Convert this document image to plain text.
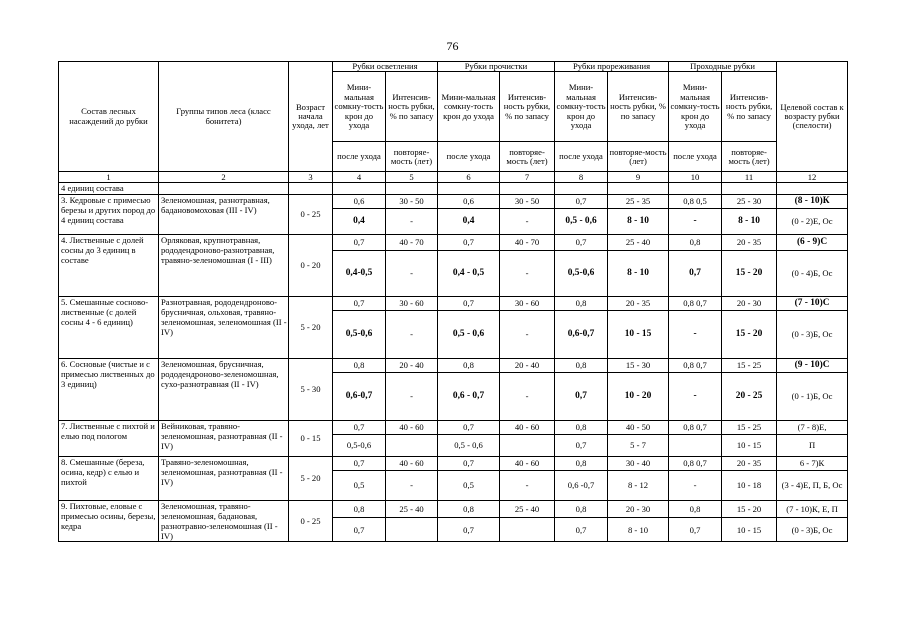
76
Состав лесных насаждений до рубки	Группы типов леса (класс бонитета)	Возраст начала ухода, лет	Рубки осветления		Рубки прочистки		Рубки прореживания		Проходные рубки		Целевой состав к возрасту рубки (спелости)
			Мини-мальная сомкну-тость крон до ухода	Интенсив-ность рубки, % по запасу	Мини-мальная сомкну-тость крон до ухода	Интенсив-ность рубки, % по запасу	Мини-мальная сомкну-тость крон до ухода	Интенсив-ность рубки, % по запасу	Мини-мальная сомкну-тость крон до ухода	Интенсив-ность рубки, % по запасу	
			после ухода	повторяе-мость (лет)	после ухода	повторяе-мость (лет)	после ухода	повторяе-мость (лет)	после ухода	повторяе-мость (лет)	
1	2	3	4	5	6	7	8	9	10	11	12
4 единиц состава											
3. Кедровые с примесью березы и других пород до 4 единиц состава	Зеленомошная, разнотравная, бадановомоховая (III - IV)	0 - 25	0,6	30 - 50	0,6	30 - 50	0,7	25 - 35	0,8 0,5	25 - 30	(8 - 10)К
			0,4	-	0,4	-	0,5 - 0,6	8 - 10	-	8 - 10	(0 - 2)Е, Ос
4. Лиственные с долей сосны до 3 единиц в составе	Орляковая, крупнотравная, рододендроново-разнотравная, травяно-зеленомошная (I - III)	0 - 20	0,7	40 - 70	0,7	40 - 70	0,7	25 - 40	0,8	20 - 35	(6 - 9)С
			0,4-0,5	-	0,4 - 0,5	-	0,5-0,6	8 - 10	0,7	15 - 20	(0 - 4)Б, Ос
5. Смешанные сосново-лиственные (с долей сосны 4 - 6 единиц)	Разнотравная, рододендроново-брусничная, ольховая, травяно-зеленомошная, зеленомошная (II - IV)	5 - 20	0,7	30 - 60	0,7	30 - 60	0,8	20 - 35	0,8 0,7	20 - 30	(7 - 10)С
			0,5-0,6	-	0,5 - 0,6	-	0,6-0,7	10 - 15	-	15 - 20	(0 - 3)Б, Ос
6. Сосновые (чистые и с примесью лиственных до 3 единиц)	Зеленомошная, брусничная, рододендроново-зеленомошная, сухо-разнотравная (II - IV)	5 - 30	0,8	20 - 40	0,8	20 - 40	0,8	15 - 30	0,8 0,7	15 - 25	(9 - 10)С
			0,6-0,7	-	0,6 - 0,7	-	0,7	10 - 20	-	20 - 25	(0 - 1)Б, Ос
7. Лиственные с пихтой и елью под пологом	Вейниковая, травяно-зеленомошная, разнотравная (II - IV)	0 - 15	0,7	40 - 60	0,7	40 - 60	0,8	40 - 50	0,8 0,7	15 - 25	(7 - 8)Е,
			0,5-0,6		0,5 - 0,6		0,7	5 - 7		10 - 15	П
8. Смешанные (береза, осина, кедр) с елью и пихтой	Травяно-зеленомошная, зеленомошная, разнотравная (II - IV)	5 - 20	0,7	40 - 60	0,7	40 - 60	0,8	30 - 40	0,8 0,7	20 - 35	6 - 7)К
			0,5	-	0,5	-	0,6 -0,7	8 - 12	-	10 - 18	(3 - 4)Е, П, Б, Ос
9. Пихтовые, еловые с примесью осины, березы, кедра	Зеленомошная, травяно-зеленомошная, бадановая, разнотравно-зеленомошная (II - IV)	0 - 25	0,8	25 - 40	0,8	25 - 40	0,8	20 - 30	0,8	15 - 20	(7 - 10)К, Е, П
			0,7		0,7		0,7	8 - 10	0,7	10 - 15	(0 - 3)Б, Ос
